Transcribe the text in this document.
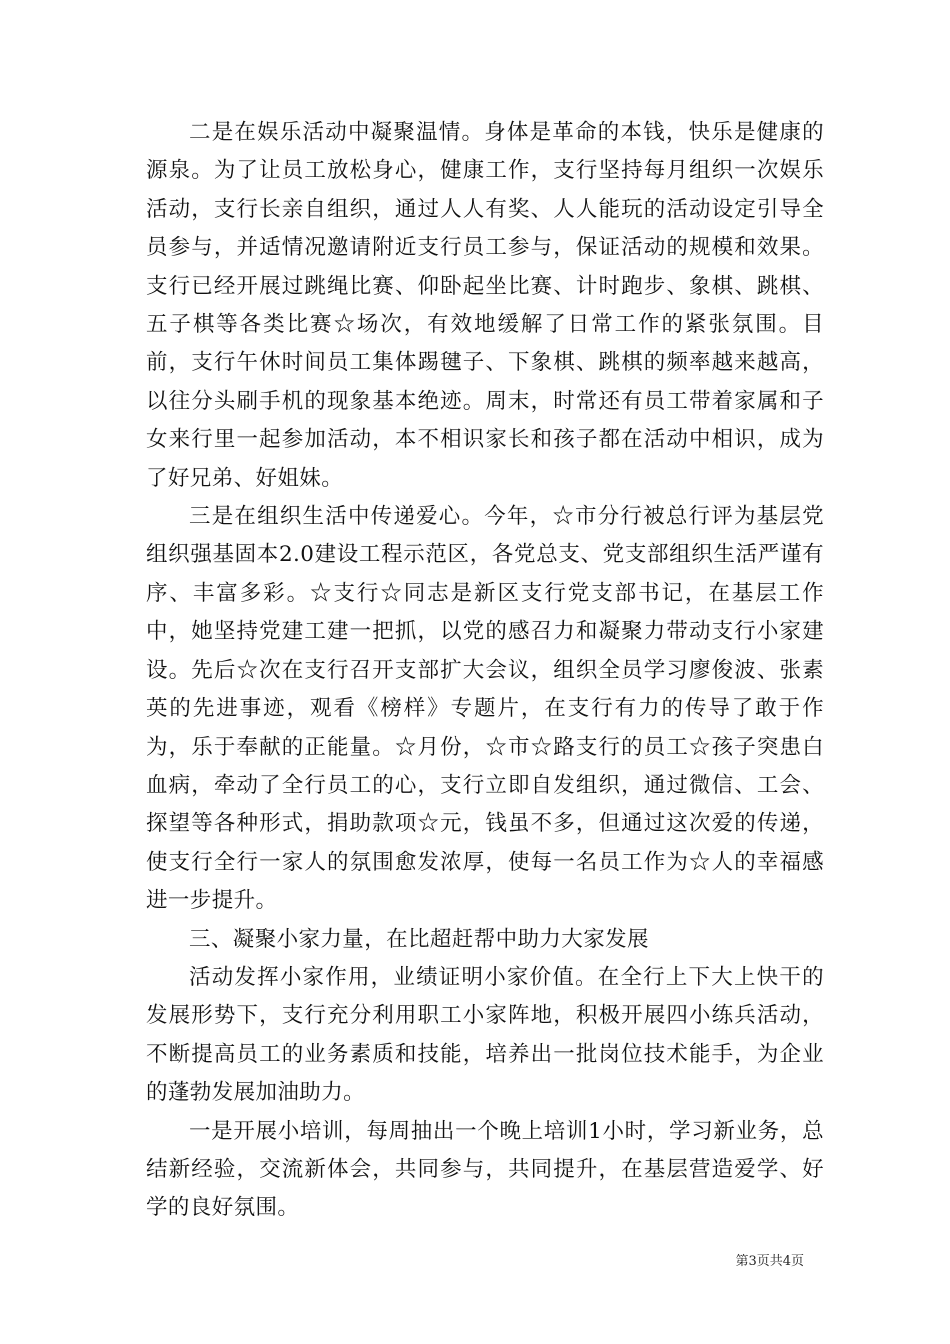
二是在娱乐活动中凝聚温情。身体是革命的本钱，快乐是健康的源泉。为了让员工放松身心，健康工作，支行坚持每月组织一次娱乐活动，支行长亲自组织，通过人人有奖、人人能玩的活动设定引导全员参与，并适情况邀请附近支行员工参与，保证活动的规模和效果。支行已经开展过跳绳比赛、仰卧起坐比赛、计时跑步、象棋、跳棋、五子棋等各类比赛☆场次，有效地缓解了日常工作的紧张氛围。目前，支行午休时间员工集体踢毽子、下象棋、跳棋的频率越来越高，以往分头刷手机的现象基本绝迹。周末，时常还有员工带着家属和子女来行里一起参加活动，本不相识家长和孩子都在活动中相识，成为了好兄弟、好姐妹。

三是在组织生活中传递爱心。今年，☆市分行被总行评为基层党组织强基固本2.0建设工程示范区，各党总支、党支部组织生活严谨有序、丰富多彩。☆支行☆同志是新区支行党支部书记，在基层工作中，她坚持党建工建一把抓，以党的感召力和凝聚力带动支行小家建设。先后☆次在支行召开支部扩大会议，组织全员学习廖俊波、张素英的先进事迹，观看《榜样》专题片，在支行有力的传导了敢于作为，乐于奉献的正能量。☆月份，☆市☆路支行的员工☆孩子突患白血病，牵动了全行员工的心，支行立即自发组织，通过微信、工会、探望等各种形式，捐助款项☆元，钱虽不多，但通过这次爱的传递，使支行全行一家人的氛围愈发浓厚，使每一名员工作为☆人的幸福感进一步提升。

三、凝聚小家力量，在比超赶帮中助力大家发展

活动发挥小家作用，业绩证明小家价值。在全行上下大上快干的发展形势下，支行充分利用职工小家阵地，积极开展四小练兵活动，不断提高员工的业务素质和技能，培养出一批岗位技术能手，为企业的蓬勃发展加油助力。

一是开展小培训，每周抽出一个晚上培训1小时，学习新业务，总结新经验，交流新体会，共同参与，共同提升，在基层营造爱学、好学的良好氛围。

第3页共4页
